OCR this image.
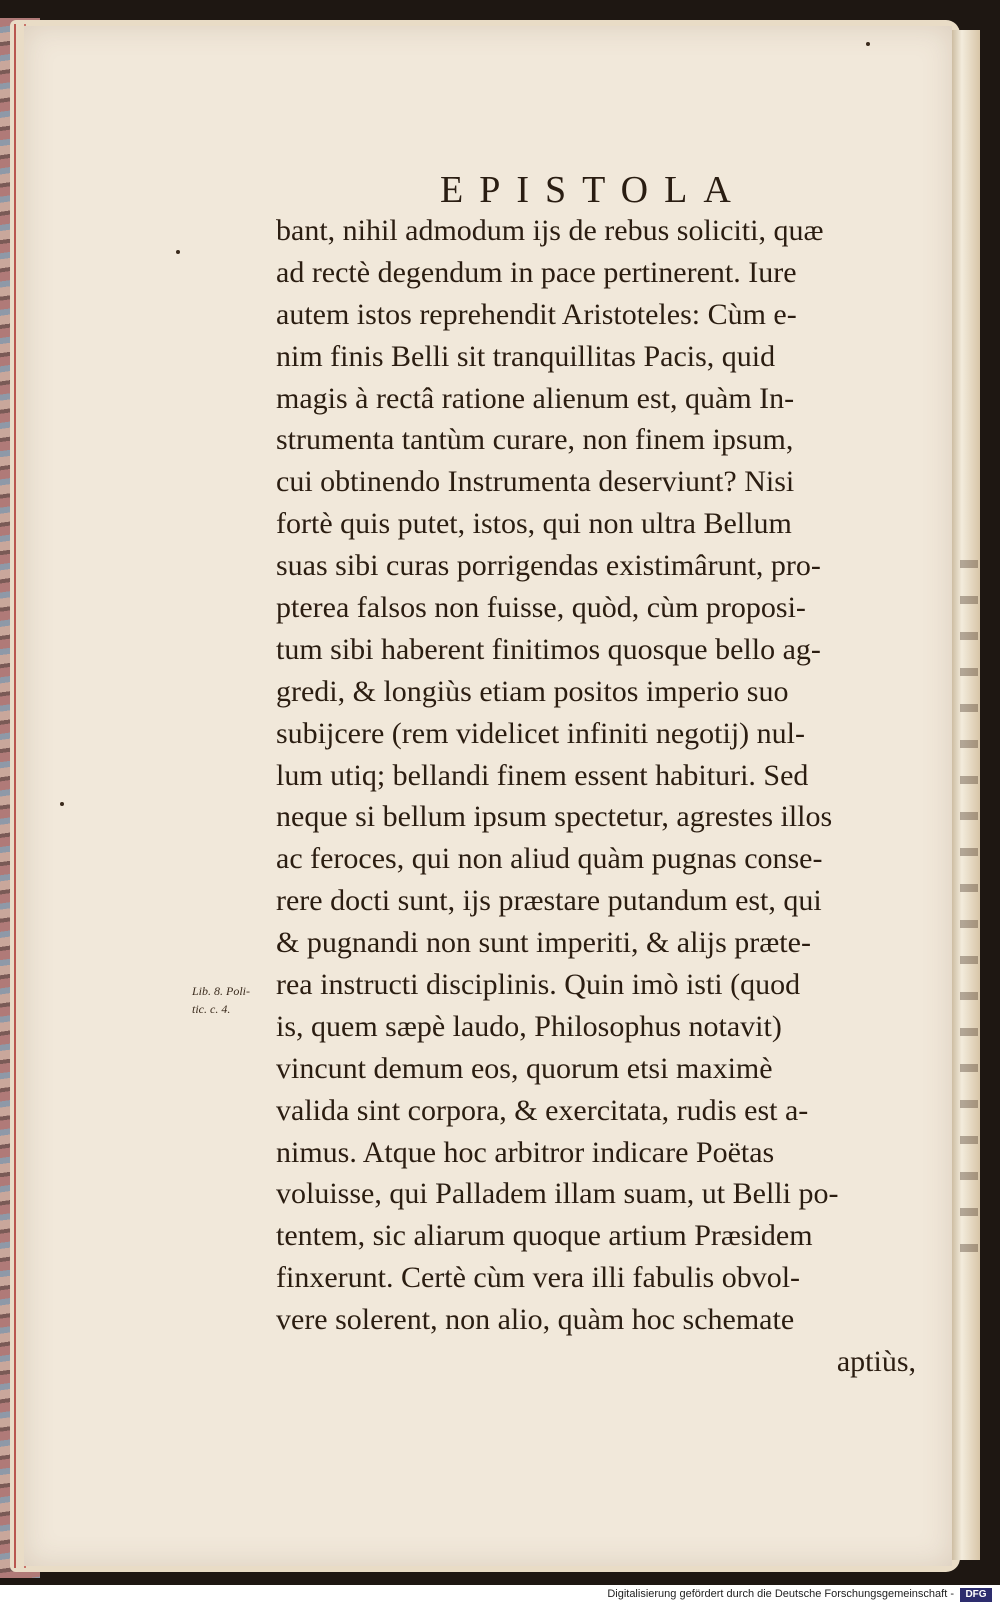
EPISTOLA
bant, nihil admodum ijs de rebus soliciti, quæ
ad rectè degendum in pace pertinerent. Iure
autem istos reprehendit Aristoteles: Cùm e-
nim finis Belli sit tranquillitas Pacis, quid
magis à rectâ ratione alienum est, quàm In-
strumenta tantùm curare, non finem ipsum,
cui obtinendo Instrumenta deserviunt? Nisi
fortè quis putet, istos, qui non ultra Bellum
suas sibi curas porrigendas existimârunt, pro-
pterea falsos non fuisse, quòd, cùm proposi-
tum sibi haberent finitimos quosque bello ag-
gredi, & longiùs etiam positos imperio suo
subijcere (rem videlicet infiniti negotij) nul-
lum utiq; bellandi finem essent habituri. Sed
neque si bellum ipsum spectetur, agrestes illos
ac feroces, qui non aliud quàm pugnas conse-
rere docti sunt, ijs præstare putandum est, qui
& pugnandi non sunt imperiti, & alijs præte-
rea instructi disciplinis. Quin imò isti (quod
is, quem sæpè laudo, Philosophus notavit)
vincunt demum eos, quorum etsi maximè
valida sint corpora, & exercitata, rudis est a-
nimus. Atque hoc arbitror indicare Poëtas
voluisse, qui Palladem illam suam, ut Belli po-
tentem, sic aliarum quoque artium Præsidem
finxerunt. Certè cùm vera illi fabulis obvol-
vere solerent, non alio, quàm hoc schemate
aptiùs,
Lib. 8. Poli-
tic. c. 4.
Digitalisierung gefördert durch die Deutsche Forschungsgemeinschaft -	DFG
